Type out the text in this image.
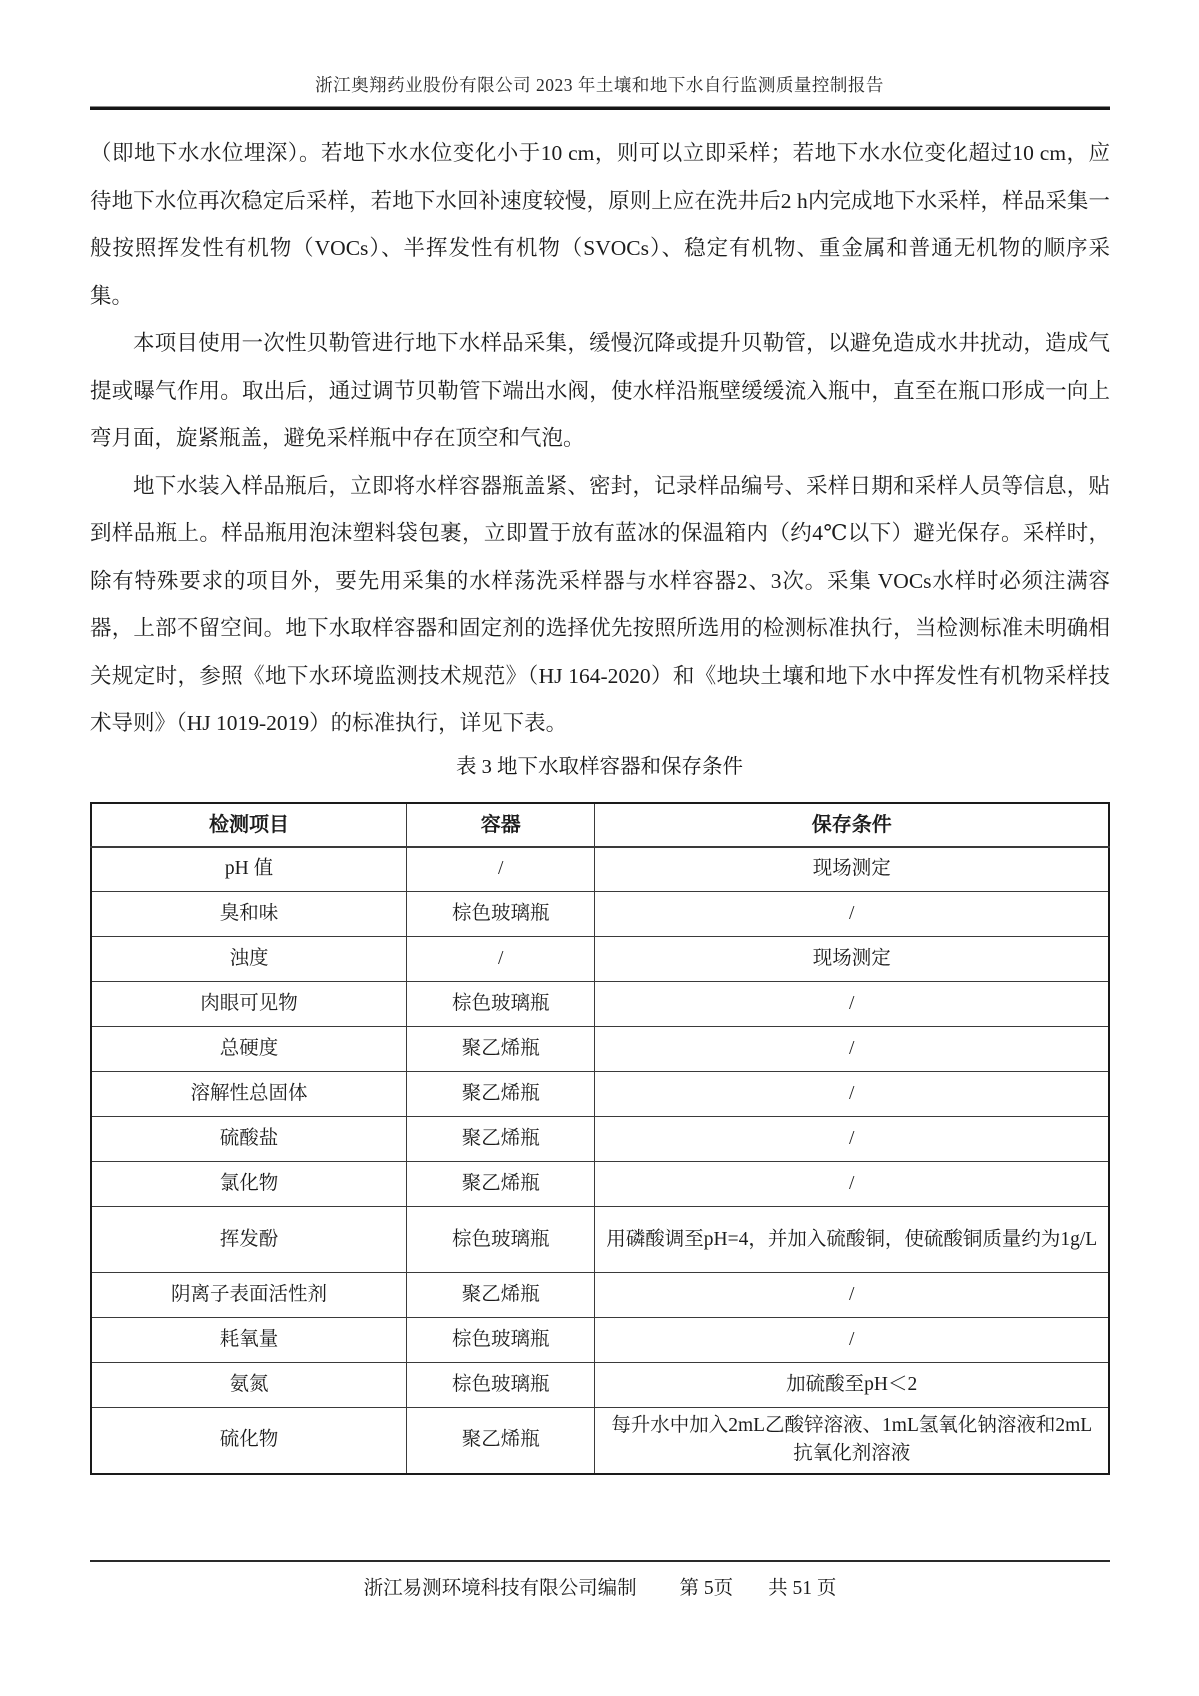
浙江奥翔药业股份有限公司 2023 年土壤和地下水自行监测质量控制报告

（即地下水水位埋深）。若地下水水位变化小于10 cm，则可以立即采样；若地下水水位变化超过10 cm，应待地下水位再次稳定后采样，若地下水回补速度较慢，原则上应在洗井后2 h内完成地下水采样，样品采集一般按照挥发性有机物（VOCs）、半挥发性有机物（SVOCs）、稳定有机物、重金属和普通无机物的顺序采集。

本项目使用一次性贝勒管进行地下水样品采集，缓慢沉降或提升贝勒管，以避免造成水井扰动，造成气提或曝气作用。取出后，通过调节贝勒管下端出水阀，使水样沿瓶壁缓缓流入瓶中，直至在瓶口形成一向上弯月面，旋紧瓶盖，避免采样瓶中存在顶空和气泡。

地下水装入样品瓶后，立即将水样容器瓶盖紧、密封，记录样品编号、采样日期和采样人员等信息，贴到样品瓶上。样品瓶用泡沫塑料袋包裹，立即置于放有蓝冰的保温箱内（约4℃以下）避光保存。采样时，除有特殊要求的项目外，要先用采集的水样荡洗采样器与水样容器2、3次。采集 VOCs水样时必须注满容器，上部不留空间。地下水取样容器和固定剂的选择优先按照所选用的检测标准执行，当检测标准未明确相关规定时，参照《地下水环境监测技术规范》（HJ 164-2020）和《地块土壤和地下水中挥发性有机物采样技术导则》（HJ 1019-2019）的标准执行，详见下表。

表 3 地下水取样容器和保存条件
检测项目	容器	保存条件
pH 值	/	现场测定
臭和味	棕色玻璃瓶	/
浊度	/	现场测定
肉眼可见物	棕色玻璃瓶	/
总硬度	聚乙烯瓶	/
溶解性总固体	聚乙烯瓶	/
硫酸盐	聚乙烯瓶	/
氯化物	聚乙烯瓶	/
挥发酚	棕色玻璃瓶	用磷酸调至pH=4，并加入硫酸铜，使硫酸铜质量约为1g/L
阴离子表面活性剂	聚乙烯瓶	/
耗氧量	棕色玻璃瓶	/
氨氮	棕色玻璃瓶	加硫酸至pH＜2
硫化物	聚乙烯瓶	每升水中加入2mL乙酸锌溶液、1mL氢氧化钠溶液和2mL抗氧化剂溶液
浙江易测环境科技有限公司编制 第 5页 共 51 页
